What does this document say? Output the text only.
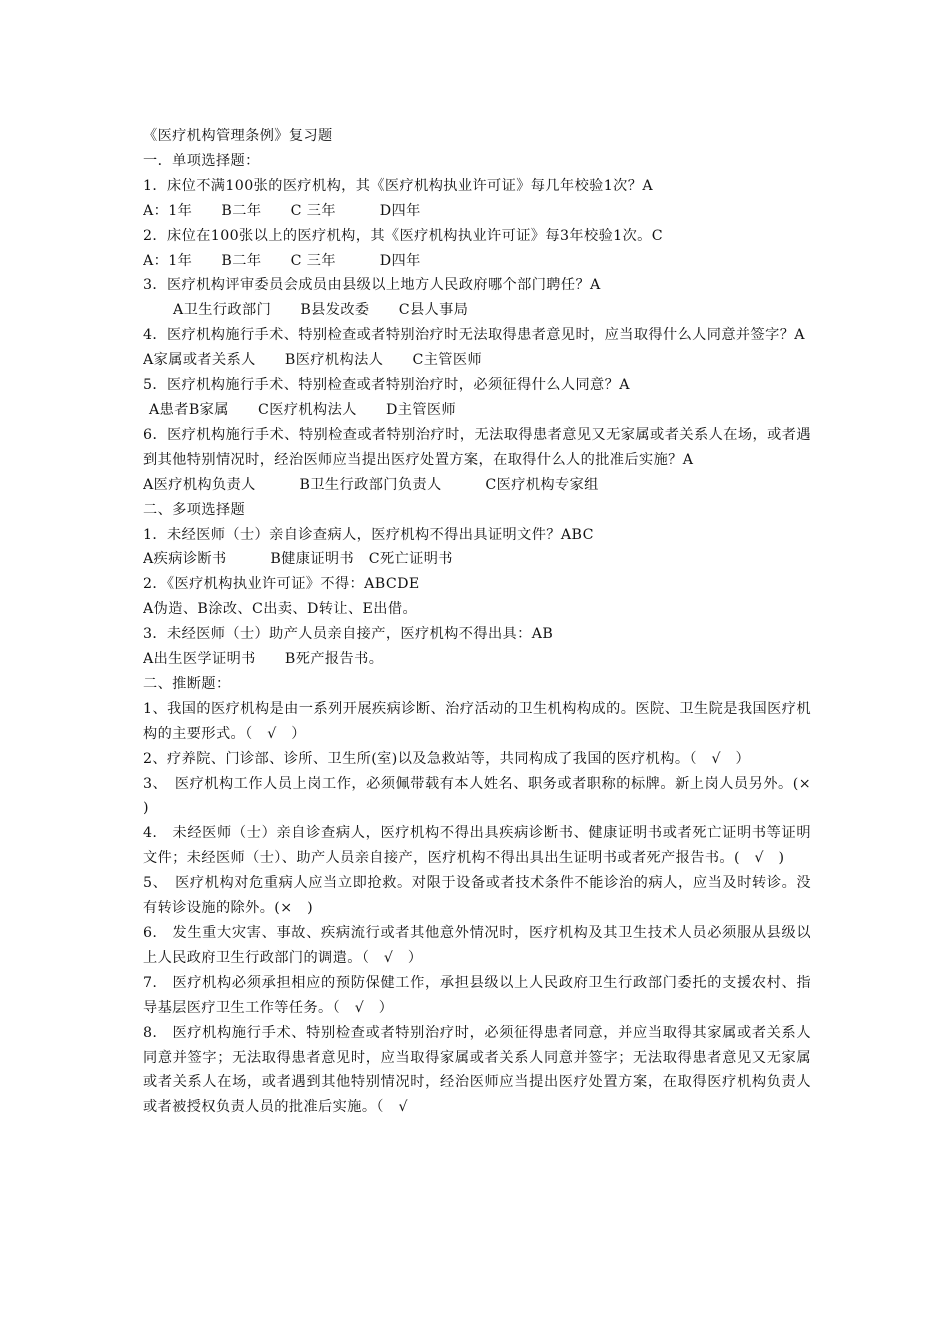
《医疗机构管理条例》复习题

一．单项选择题：

1．床位不满100张的医疗机构，其《医疗机构执业许可证》每几年校验1次？A

A：1年　　B二年　　C 三年　　　D四年

2．床位在100张以上的医疗机构，其《医疗机构执业许可证》每3年校验1次。C

A：1年　　B二年　　C 三年　　　D四年

3．医疗机构评审委员会成员由县级以上地方人民政府哪个部门聘任？A

A卫生行政部门　　B县发改委　　C县人事局

4．医疗机构施行手术、特别检查或者特别治疗时无法取得患者意见时，应当取得什么人同意并签字？A

A家属或者关系人　　B医疗机构法人　　C主管医师

5．医疗机构施行手术、特别检查或者特别治疗时，必须征得什么人同意？A

A患者B家属　　C医疗机构法人　　D主管医师

6．医疗机构施行手术、特别检查或者特别治疗时，无法取得患者意见又无家属或者关系人在场，或者遇到其他特别情况时，经治医师应当提出医疗处置方案，在取得什么人的批准后实施？A

A医疗机构负责人　　　B卫生行政部门负责人　　　C医疗机构专家组

二、多项选择题

1．未经医师（士）亲自诊查病人，医疗机构不得出具证明文件？ABC

A疾病诊断书　　　B健康证明书　C死亡证明书

2．《医疗机构执业许可证》不得：ABCDE

A伪造、B涂改、C出卖、D转让、E出借。

3．未经医师（士）助产人员亲自接产，医疗机构不得出具：AB

A出生医学证明书　　B死产报告书。

二、推断题：

1、我国的医疗机构是由一系列开展疾病诊断、治疗活动的卫生机构构成的。医院、卫生院是我国医疗机构的主要形式。（　√　）

2、疗养院、门诊部、诊所、卫生所(室)以及急救站等，共同构成了我国的医疗机构。（　√　）

3、　医疗机构工作人员上岗工作，必须佩带载有本人姓名、职务或者职称的标牌。新上岗人员另外。(×　)

4.　未经医师（士）亲自诊查病人，医疗机构不得出具疾病诊断书、健康证明书或者死亡证明书等证明文件；未经医师（士）、助产人员亲自接产，医疗机构不得出具出生证明书或者死产报告书。(　√　)

5、　医疗机构对危重病人应当立即抢救。对限于设备或者技术条件不能诊治的病人，应当及时转诊。没有转诊设施的除外。(×　)

6.　发生重大灾害、事故、疾病流行或者其他意外情况时，医疗机构及其卫生技术人员必须服从县级以上人民政府卫生行政部门的调遣。（　√　）

7.　医疗机构必须承担相应的预防保健工作，承担县级以上人民政府卫生行政部门委托的支援农村、指导基层医疗卫生工作等任务。（　√　）

8.　医疗机构施行手术、特别检查或者特别治疗时，必须征得患者同意，并应当取得其家属或者关系人同意并签字；无法取得患者意见时，应当取得家属或者关系人同意并签字；无法取得患者意见又无家属或者关系人在场，或者遇到其他特别情况时，经治医师应当提出医疗处置方案，在取得医疗机构负责人或者被授权负责人员的批准后实施。（　√
